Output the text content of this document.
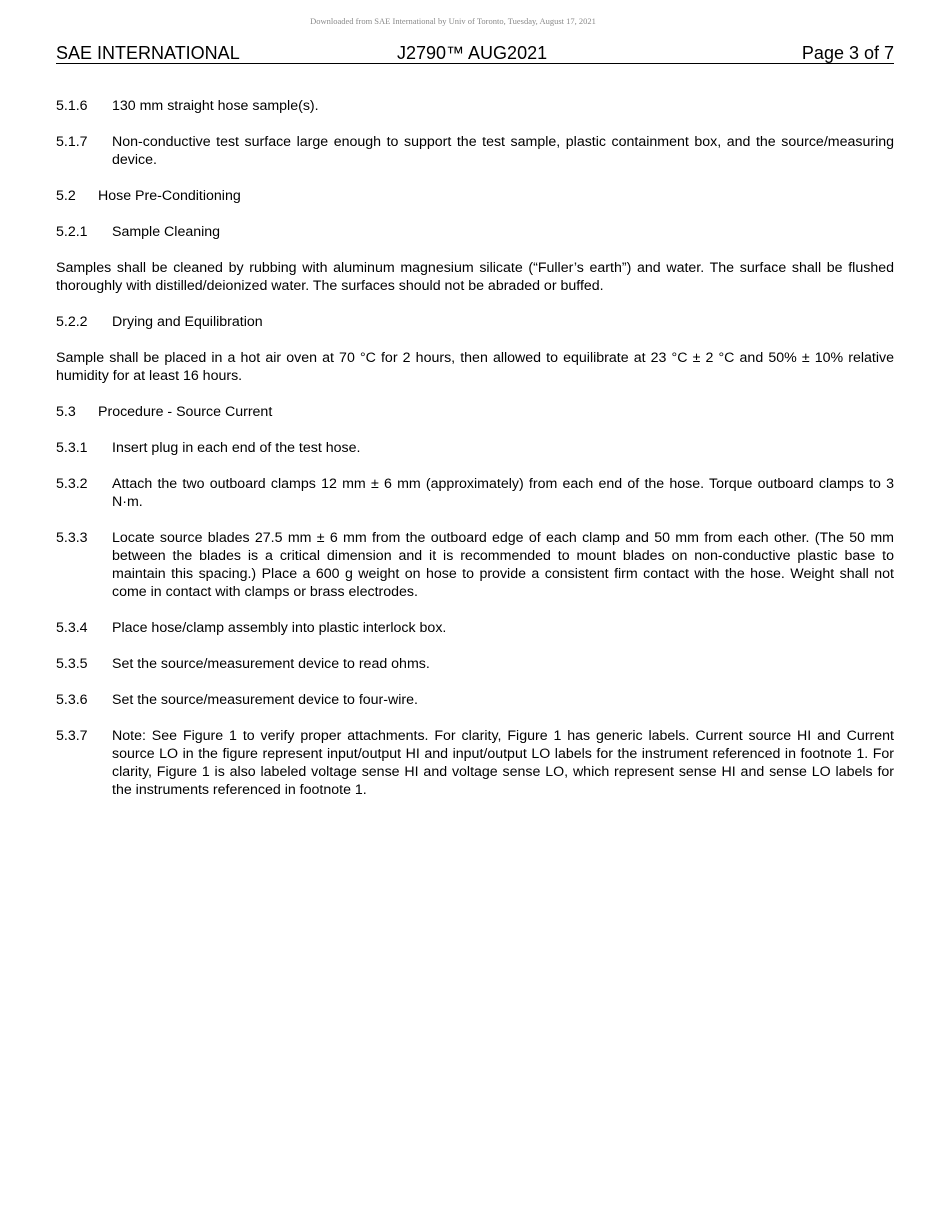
Downloaded from SAE International by Univ of Toronto, Tuesday, August 17, 2021
SAE INTERNATIONAL	J2790™ AUG2021	Page 3 of 7
5.1.6 130 mm straight hose sample(s).
5.1.7 Non-conductive test surface large enough to support the test sample, plastic containment box, and the source/measuring device.
5.2 Hose Pre-Conditioning
5.2.1 Sample Cleaning
Samples shall be cleaned by rubbing with aluminum magnesium silicate (“Fuller’s earth”) and water. The surface shall be flushed thoroughly with distilled/deionized water. The surfaces should not be abraded or buffed.
5.2.2 Drying and Equilibration
Sample shall be placed in a hot air oven at 70 °C for 2 hours, then allowed to equilibrate at 23 °C ± 2 °C and 50% ± 10% relative humidity for at least 16 hours.
5.3 Procedure - Source Current
5.3.1 Insert plug in each end of the test hose.
5.3.2 Attach the two outboard clamps 12 mm ± 6 mm (approximately) from each end of the hose. Torque outboard clamps to 3 N·m.
5.3.3 Locate source blades 27.5 mm ± 6 mm from the outboard edge of each clamp and 50 mm from each other. (The 50 mm between the blades is a critical dimension and it is recommended to mount blades on non-conductive plastic base to maintain this spacing.) Place a 600 g weight on hose to provide a consistent firm contact with the hose. Weight shall not come in contact with clamps or brass electrodes.
5.3.4 Place hose/clamp assembly into plastic interlock box.
5.3.5 Set the source/measurement device to read ohms.
5.3.6 Set the source/measurement device to four-wire.
5.3.7 Note: See Figure 1 to verify proper attachments. For clarity, Figure 1 has generic labels. Current source HI and Current source LO in the figure represent input/output HI and input/output LO labels for the instrument referenced in footnote 1. For clarity, Figure 1 is also labeled voltage sense HI and voltage sense LO, which represent sense HI and sense LO labels for the instruments referenced in footnote 1.
